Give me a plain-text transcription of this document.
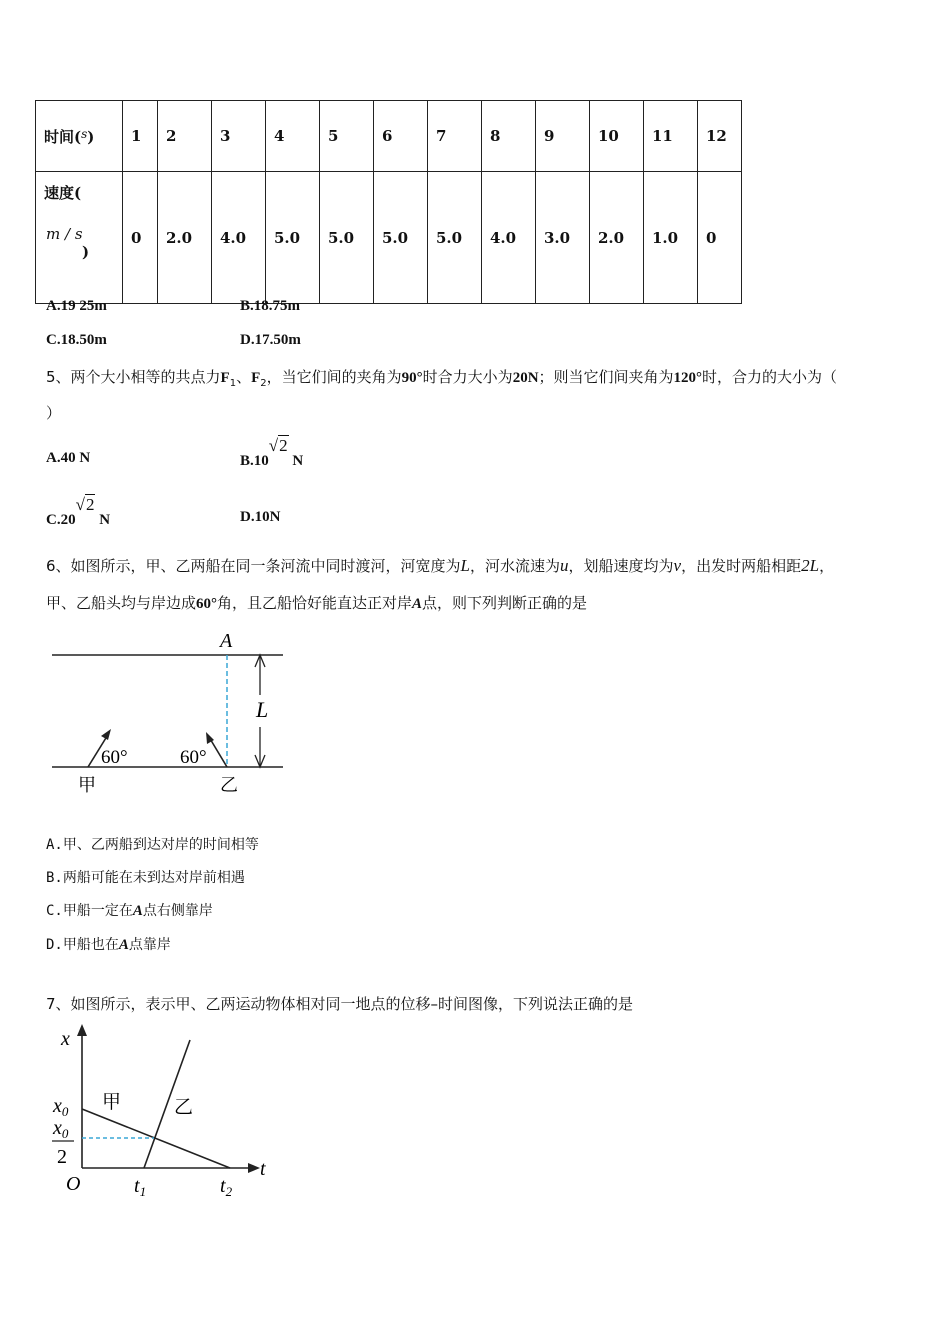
时间($^s$)	1	2	3	4	5	6	7	8	9	10	11	12

速度(
m / s
)	0	2.0	4.0	5.0	5.0	5.0	5.0	4.0	3.0	2.0	1.0	0
A.19 25m	B.18.75m
C.18.50m	D.17.50m
5、两个大小相等的共点力$F_1$、$F_2$，当它们间的夹角为90°时合力大小为20N；则当它们间夹角为120°时，合力的大小为（
）
A.40 N	B.10√2 N
C.20√2 N	D.10N
6、如图所示，甲、乙两船在同一条河流中同时渡河，河宽度为L，河水流速为u，划船速度均为v，出发时两船相距2L，
甲、乙船头均与岸边成60°角，且乙船恰好能直达正对岸A点，则下列判断正确的是
A
L
60°	60°
甲	乙
A.甲、乙两船到达对岸的时间相等
B.两船可能在未到达对岸前相遇
C.甲船一定在A点右侧靠岸
D.甲船也在A点靠岸
7、如图所示，表示甲、乙两运动物体相对同一地点的位移–时间图像，下列说法正确的是
x
t
O
$x_0$
$x_0$
2
$t_1$	$t_2$
甲	乙
